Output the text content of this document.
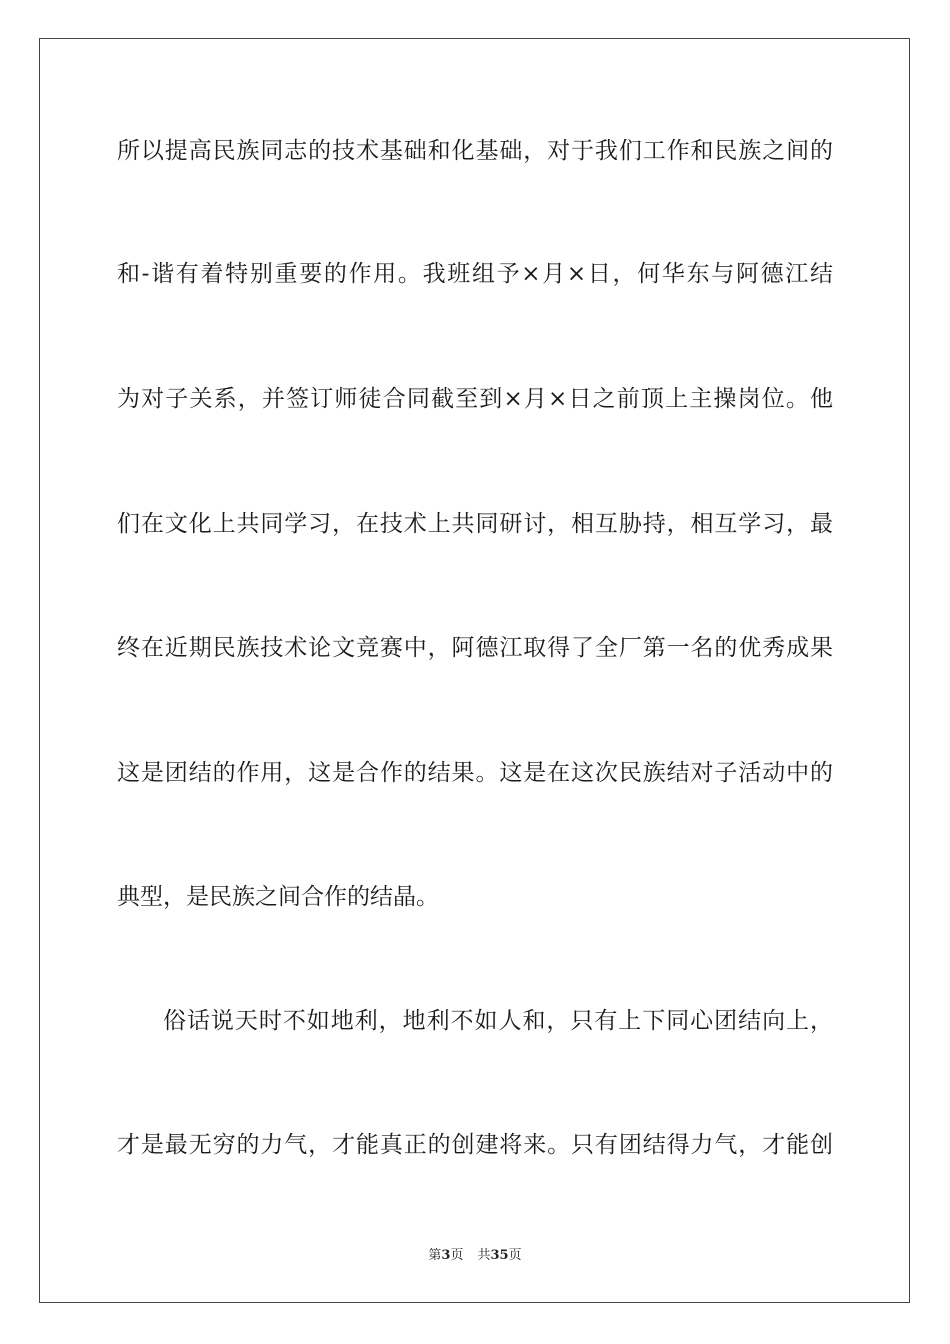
所以提高民族同志的技术基础和化基础，对于我们工作和民族之间的
和-谐有着特别重要的作用。我班组予×月×日，何华东与阿德江结
为对子关系，并签订师徒合同截至到×月×日之前顶上主操岗位。他
们在文化上共同学习，在技术上共同研讨，相互胁持，相互学习，最
终在近期民族技术论文竞赛中，阿德江取得了全厂第一名的优秀成果
这是团结的作用，这是合作的结果。这是在这次民族结对子活动中的
典型，是民族之间合作的结晶。
俗话说天时不如地利，地利不如人和，只有上下同心团结向上，
才是最无穷的力气，才能真正的创建将来。只有团结得力气，才能创
第3页 共35页
